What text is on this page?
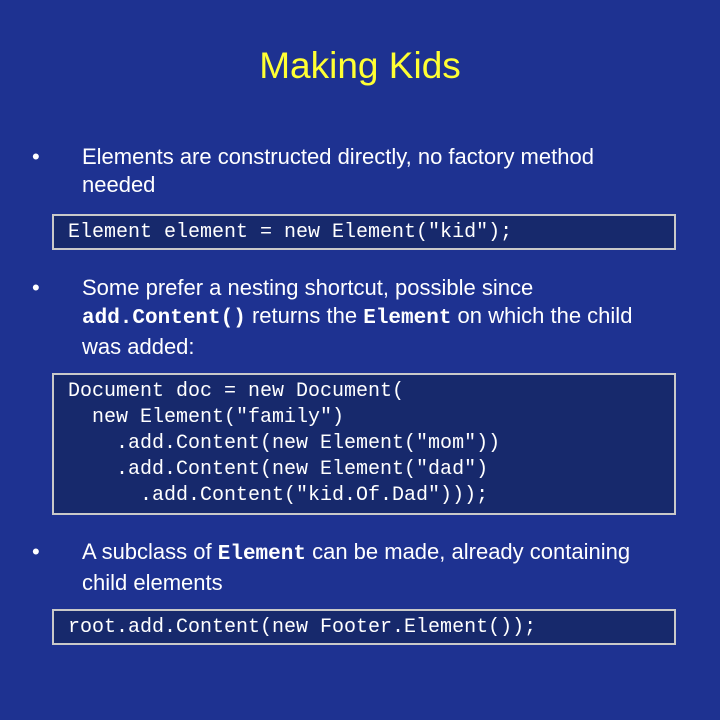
Making Kids
•	Elements are constructed directly, no factory method needed
Element element = new Element("kid");
•	Some prefer a nesting shortcut, possible since add.Content() returns the Element on which the child was added:
Document doc = new Document(
new Element("family")
.add.Content(new Element("mom"))
.add.Content(new Element("dad")
.add.Content("kid.Of.Dad")));
•	A subclass of Element can be made, already containing child elements
root.add.Content(new Footer.Element());
